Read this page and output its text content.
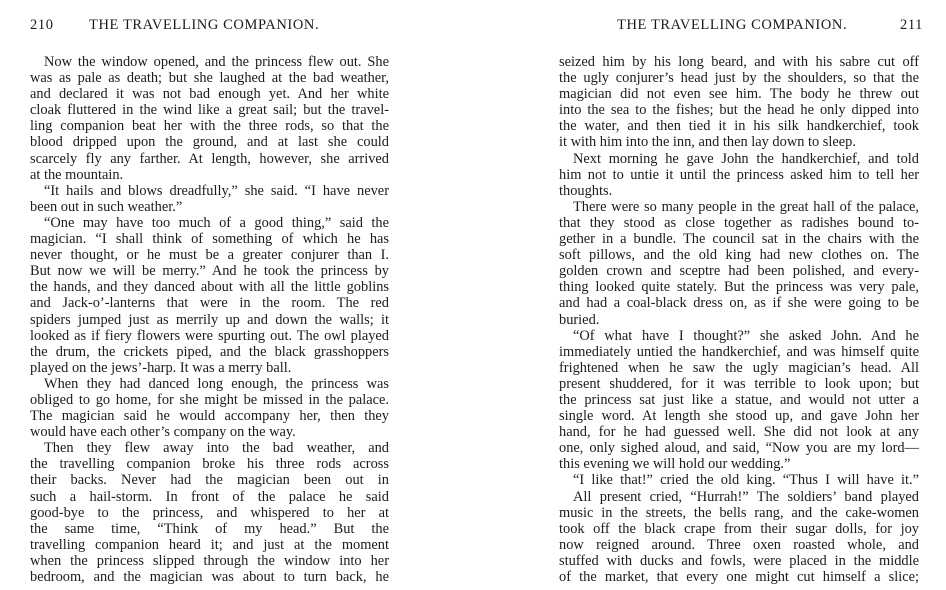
210 THE TRAVELLING COMPANION.
Now the window opened, and the princess flew out. She
was as pale as death; but she laughed at the bad weather,
and declared it was not bad enough yet. And her white
cloak fluttered in the wind like a great sail; but the travel-
ling companion beat her with the three rods, so that the
blood dripped upon the ground, and at last she could
scarcely fly any farther. At length, however, she arrived
at the mountain.
“It hails and blows dreadfully,” she said. “I have never
been out in such weather.”
“One may have too much of a good thing,” said the
magician. “I shall think of something of which he has
never thought, or he must be a greater conjurer than I.
But now we will be merry.” And he took the princess by
the hands, and they danced about with all the little goblins
and Jack-o’-lanterns that were in the room. The red
spiders jumped just as merrily up and down the walls; it
looked as if fiery flowers were spurting out. The owl played
the drum, the crickets piped, and the black grasshoppers
played on the jews’-harp. It was a merry ball.
When they had danced long enough, the princess was
obliged to go home, for she might be missed in the palace.
The magician said he would accompany her, then they
would have each other’s company on the way.
Then they flew away into the bad weather, and
the travelling companion broke his three rods across
their backs. Never had the magician been out in
such a hail-storm. In front of the palace he said
good-bye to the princess, and whispered to her at
the same time, “Think of my head.” But the
travelling companion heard it; and just at the moment
when the princess slipped through the window into her
bedroom, and the magician was about to turn back, he
THE TRAVELLING COMPANION.	211
seized him by his long beard, and with his sabre cut off
the ugly conjurer’s head just by the shoulders, so that the
magician did not even see him. The body he threw out
into the sea to the fishes; but the head he only dipped into
the water, and then tied it in his silk handkerchief, took
it with him into the inn, and then lay down to sleep.
Next morning he gave John the handkerchief, and told
him not to untie it until the princess asked him to tell her
thoughts.
There were so many people in the great hall of the palace,
that they stood as close together as radishes bound to-
gether in a bundle. The council sat in the chairs with the
soft pillows, and the old king had new clothes on. The
golden crown and sceptre had been polished, and every-
thing looked quite stately. But the princess was very pale,
and had a coal-black dress on, as if she were going to be
buried.
“Of what have I thought?” she asked John. And he
immediately untied the handkerchief, and was himself quite
frightened when he saw the ugly magician’s head. All
present shuddered, for it was terrible to look upon; but
the princess sat just like a statue, and would not utter a
single word. At length she stood up, and gave John her
hand, for he had guessed well. She did not look at any
one, only sighed aloud, and said, “Now you are my lord—
this evening we will hold our wedding.”
“I like that!” cried the old king. “Thus I will have it.”
All present cried, “Hurrah!” The soldiers’ band played
music in the streets, the bells rang, and the cake-women
took off the black crape from their sugar dolls, for joy
now reigned around. Three oxen roasted whole, and
stuffed with ducks and fowls, were placed in the middle
of the market, that every one might cut himself a slice;
